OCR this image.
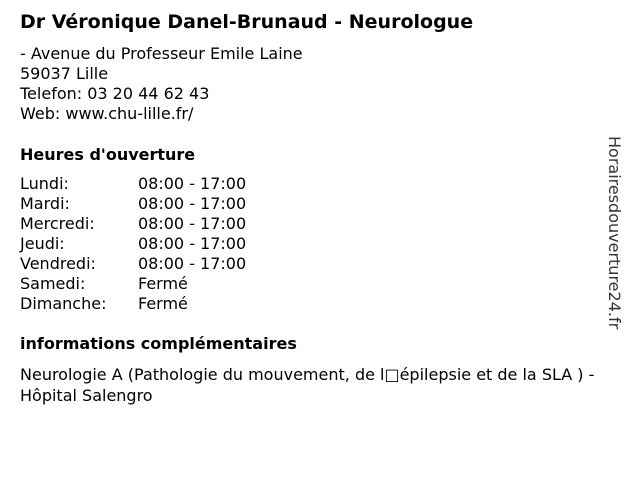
Dr Véronique Danel-Brunaud - Neurologue
- Avenue du Professeur Emile Laine
59037 Lille
Telefon: 03 20 44 62 43
Web: www.chu-lille.fr/
Heures d'ouverture
Lundi:	08:00 - 17:00
Mardi:	08:00 - 17:00
Mercredi:	08:00 - 17:00
Jeudi:	08:00 - 17:00
Vendredi:	08:00 - 17:00
Samedi:	Fermé
Dimanche: Fermé
informations complémentaires
Neurologie A (Pathologie du mouvement, de l□épilepsie et de la SLA ) - Hôpital Salengro
Horairesdouverture24.fr
